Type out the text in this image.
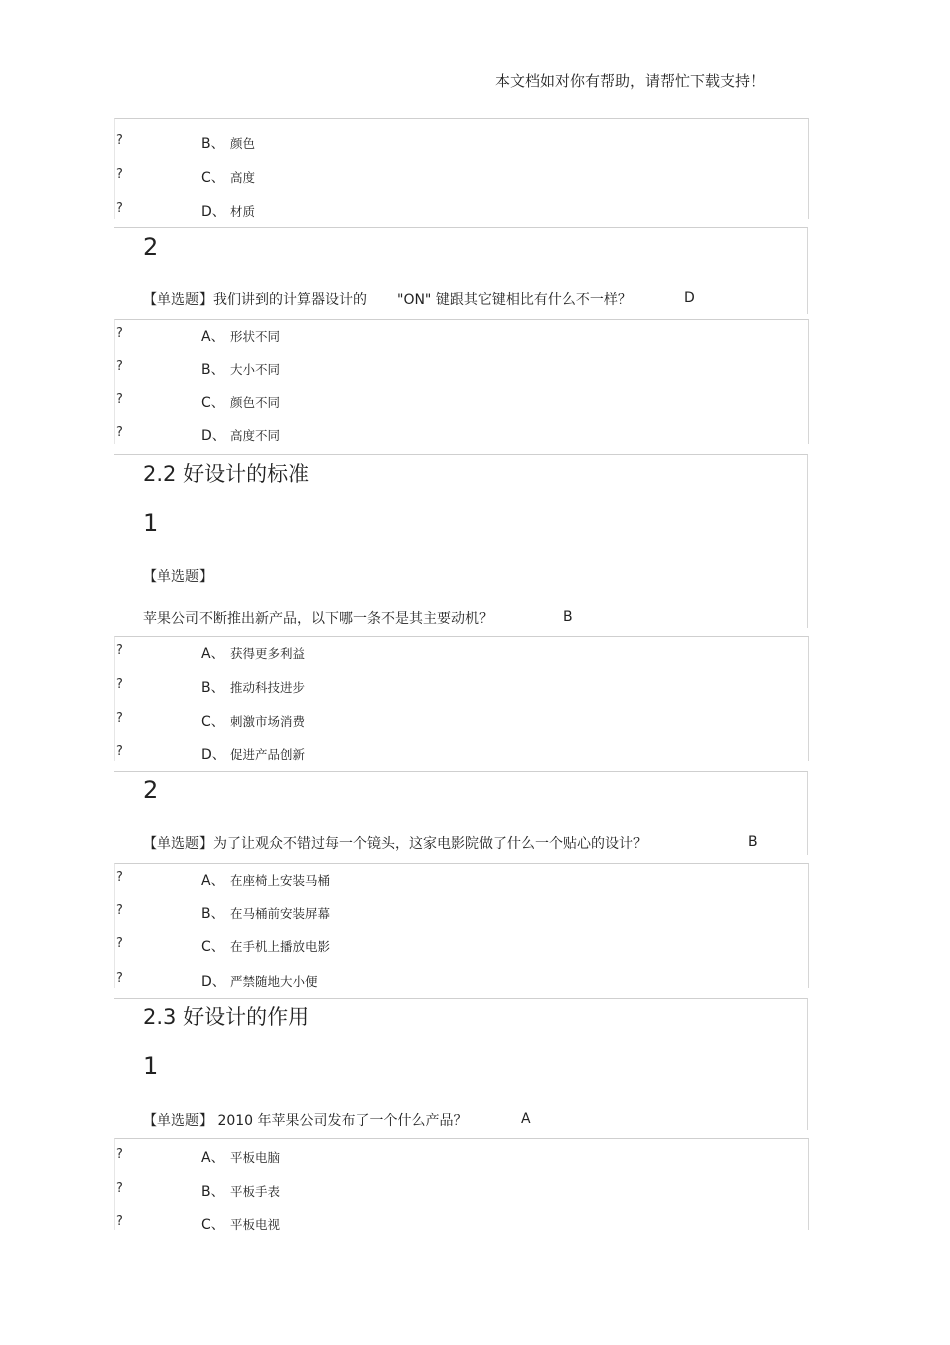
本文档如对你有帮助，请帮忙下载支持！
?	B、 颜色
?	C、 高度
?	D、 材质
2
【单选题】我们讲到的计算器设计的 "ON" 键跟其它键相比有什么不一样？	D
?	A、 形状不同
?	B、 大小不同
?	C、 颜色不同
?	D、 高度不同
2.2 好设计的标准
1
【单选题】
苹果公司不断推出新产品，以下哪一条不是其主要动机？	B
?	A、 获得更多利益
?	B、 推动科技进步
?	C、 刺激市场消费
?	D、 促进产品创新
2
【单选题】为了让观众不错过每一个镜头，这家电影院做了什么一个贴心的设计？	B
?	A、 在座椅上安装马桶
?	B、 在马桶前安装屏幕
?	C、 在手机上播放电影
?	D、 严禁随地大小便
2.3 好设计的作用
1
【单选题】 2010 年苹果公司发布了一个什么产品？	A
?	A、 平板电脑
?	B、 平板手表
?	C、 平板电视
